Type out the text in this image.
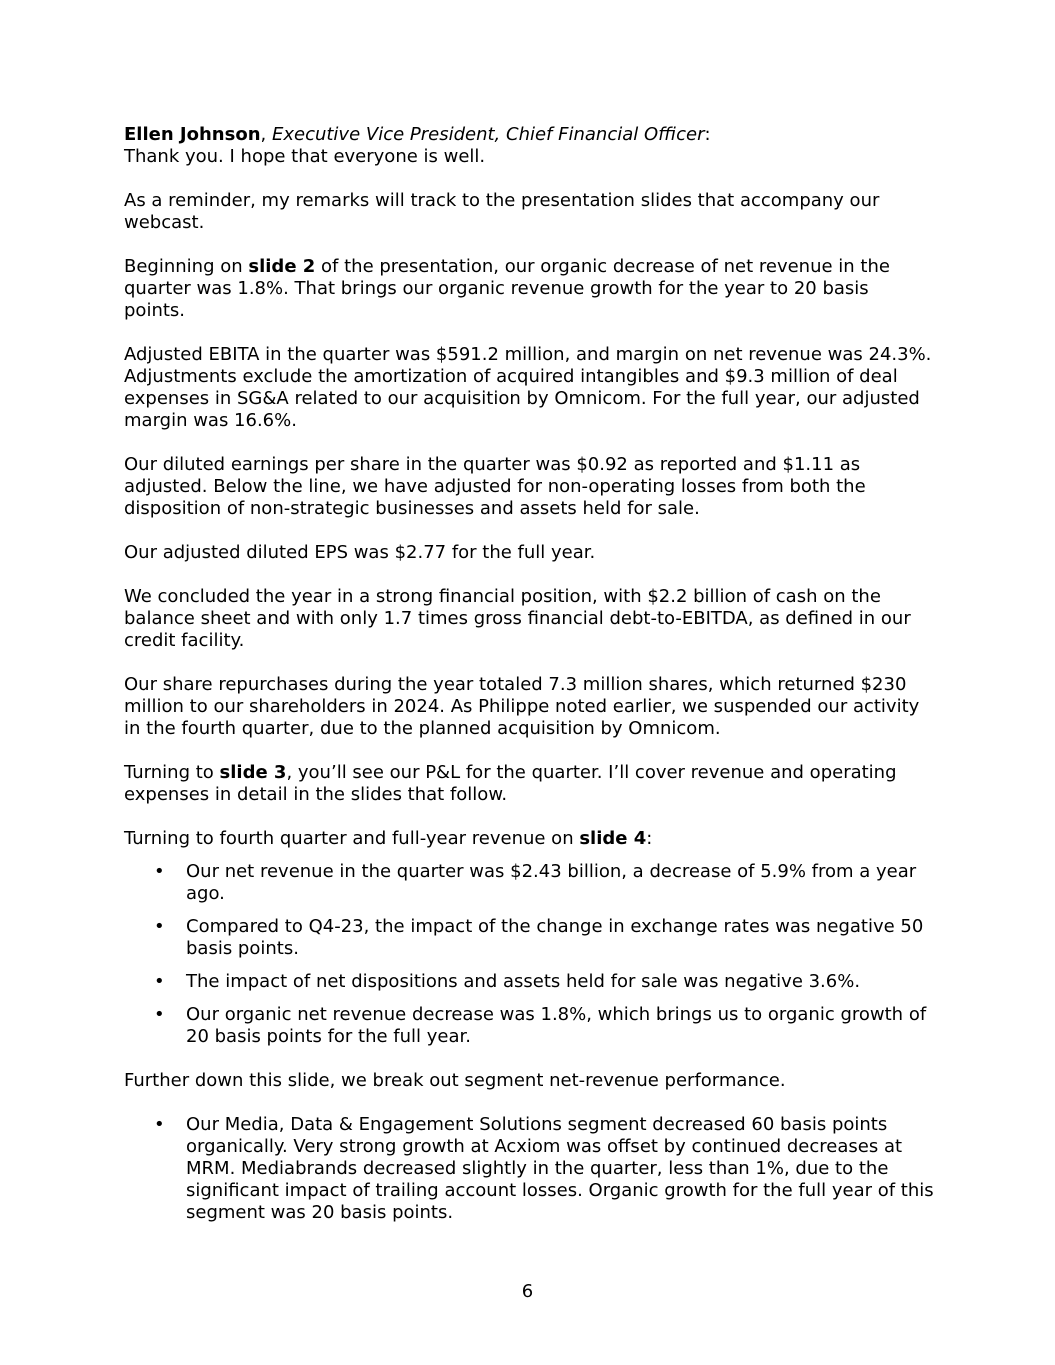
Ellen Johnson, Executive Vice President, Chief Financial Officer:

Thank you. I hope that everyone is well.

As a reminder, my remarks will track to the presentation slides that accompany our webcast.

Beginning on slide 2 of the presentation, our organic decrease of net revenue in the quarter was 1.8%. That brings our organic revenue growth for the year to 20 basis points.

Adjusted EBITA in the quarter was $591.2 million, and margin on net revenue was 24.3%. Adjustments exclude the amortization of acquired intangibles and $9.3 million of deal expenses in SG&A related to our acquisition by Omnicom. For the full year, our adjusted margin was 16.6%.

Our diluted earnings per share in the quarter was $0.92 as reported and $1.11 as adjusted. Below the line, we have adjusted for non-operating losses from both the disposition of non-strategic businesses and assets held for sale.

Our adjusted diluted EPS was $2.77 for the full year.

We concluded the year in a strong financial position, with $2.2 billion of cash on the balance sheet and with only 1.7 times gross financial debt-to-EBITDA, as defined in our credit facility.

Our share repurchases during the year totaled 7.3 million shares, which returned $230 million to our shareholders in 2024. As Philippe noted earlier, we suspended our activity in the fourth quarter, due to the planned acquisition by Omnicom.

Turning to slide 3, you’ll see our P&L for the quarter. I’ll cover revenue and operating expenses in detail in the slides that follow.

Turning to fourth quarter and full-year revenue on slide 4:

• Our net revenue in the quarter was $2.43 billion, a decrease of 5.9% from a year ago.
• Compared to Q4-23, the impact of the change in exchange rates was negative 50 basis points.
• The impact of net dispositions and assets held for sale was negative 3.6%.
• Our organic net revenue decrease was 1.8%, which brings us to organic growth of 20 basis points for the full year.

Further down this slide, we break out segment net-revenue performance.

• Our Media, Data & Engagement Solutions segment decreased 60 basis points organically. Very strong growth at Acxiom was offset by continued decreases at MRM. Mediabrands decreased slightly in the quarter, less than 1%, due to the significant impact of trailing account losses. Organic growth for the full year of this segment was 20 basis points.
6
